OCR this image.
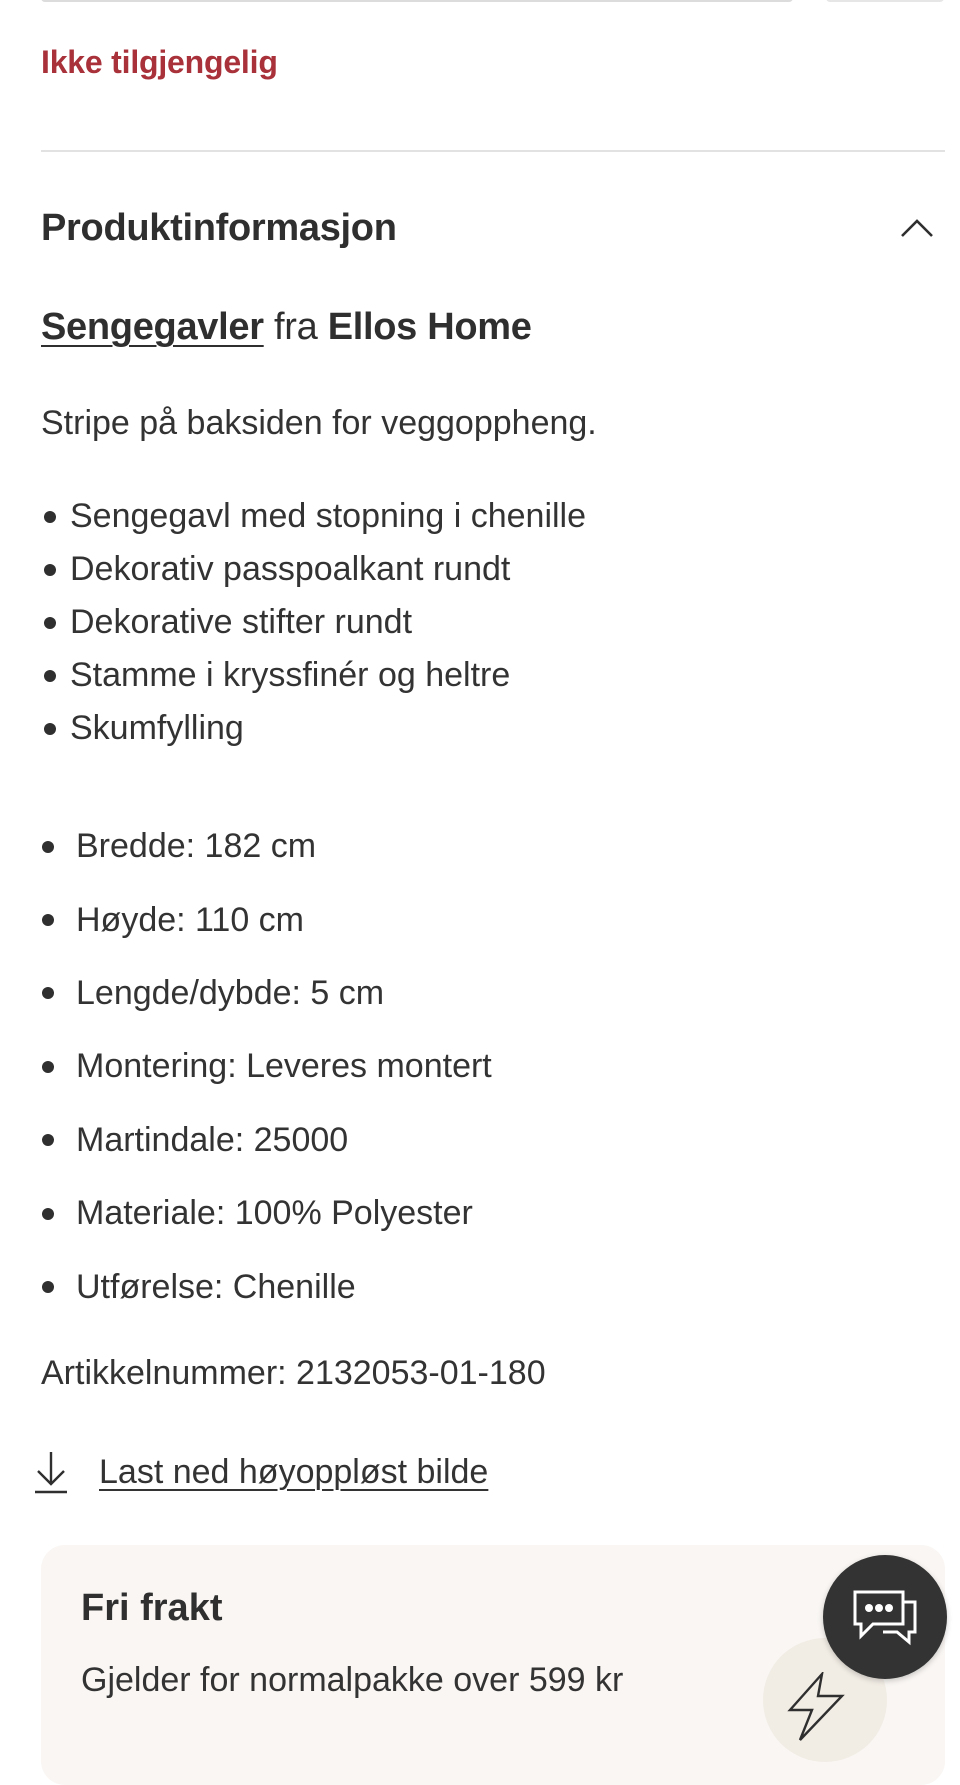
Ikke tilgjengelig
Produktinformasjon
Sengegavler fra Ellos Home
Stripe på baksiden for veggoppheng.
Sengegavl med stopning i chenille
Dekorativ passpoalkant rundt
Dekorative stifter rundt
Stamme i kryssfinér og heltre
Skumfylling
Bredde: 182 cm
Høyde: 110 cm
Lengde/dybde: 5 cm
Montering: Leveres montert
Martindale: 25000
Materiale: 100% Polyester
Utførelse: Chenille
Artikkelnummer: 2132053-01-180
Last ned høyoppløst bilde
Fri frakt
Gjelder for normalpakke over 599 kr
